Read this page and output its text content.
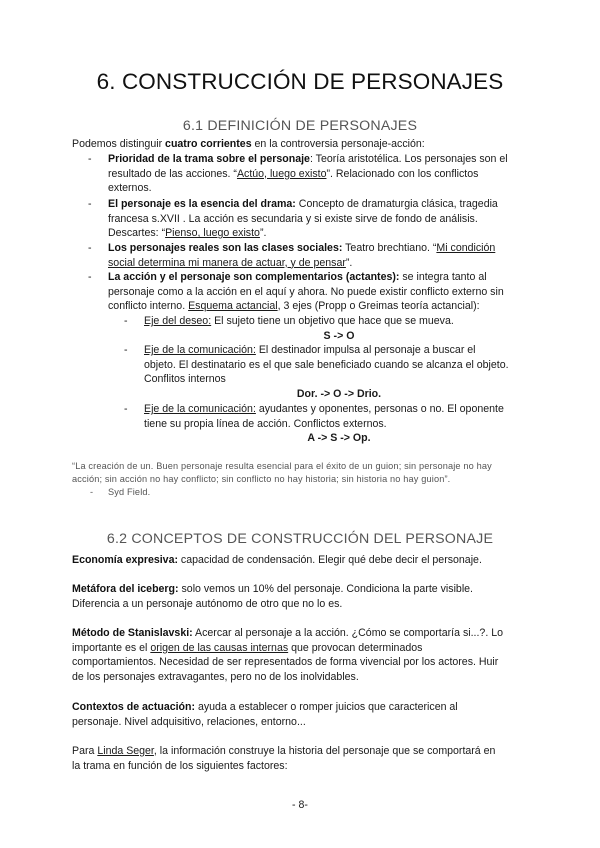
6. CONSTRUCCIÓN DE PERSONAJES
6.1 DEFINICIÓN DE PERSONAJES
Podemos distinguir cuatro corrientes en la controversia personaje-acción:
- Prioridad de la trama sobre el personaje: Teoría aristotélica. Los personajes son el
resultado de las acciones. “Actúo, luego existo”. Relacionado con los conflictos
externos.
- El personaje es la esencia del drama: Concepto de dramaturgia clásica, tragedia
francesa s.XVII . La acción es secundaria y si existe sirve de fondo de análisis.
Descartes: “Pienso, luego existo”.
- Los personajes reales son las clases sociales: Teatro brechtiano. “Mi condición
social determina mi manera de actuar, y de pensar”.
- La acción y el personaje son complementarios (actantes): se integra tanto al
personaje como a la acción en el aquí y ahora. No puede existir conflicto externo sin
conflicto interno. Esquema actancial, 3 ejes (Propp o Greimas teoría actancial):
- Eje del deseo: El sujeto tiene un objetivo que hace que se mueva.
S -> O
- Eje de la comunicación: El destinador impulsa al personaje a buscar el
objeto. El destinatario es el que sale beneficiado cuando se alcanza el objeto.
Conflitos internos
Dor. -> O -> Drio.
- Eje de la comunicación: ayudantes y oponentes, personas o no. El oponente
tiene su propia línea de acción. Conflictos externos.
A -> S -> Op.
“La creación de un. Buen personaje resulta esencial para el éxito de un guion; sin personaje no hay
acción; sin acción no hay conflicto; sin conflicto no hay historia; sin historia no hay guion”.
- Syd Field.
6.2 CONCEPTOS DE CONSTRUCCIÓN DEL PERSONAJE
Economía expresiva: capacidad de condensación. Elegir qué debe decir el personaje.
Metáfora del iceberg: solo vemos un 10% del personaje. Condiciona la parte visible.
Diferencia a un personaje autónomo de otro que no lo es.
Método de Stanislavski: Acercar al personaje a la acción. ¿Cómo se comportaría si...?. Lo
importante es el origen de las causas internas que provocan determinados
comportamientos. Necesidad de ser representados de forma vivencial por los actores. Huir
de los personajes extravagantes, pero no de los inolvidables.
Contextos de actuación: ayuda a establecer o romper juicios que caractericen al
personaje. Nivel adquisitivo, relaciones, entorno...
Para Linda Seger, la información construye la historia del personaje que se comportará en
la trama en función de los siguientes factores:
- 8-
